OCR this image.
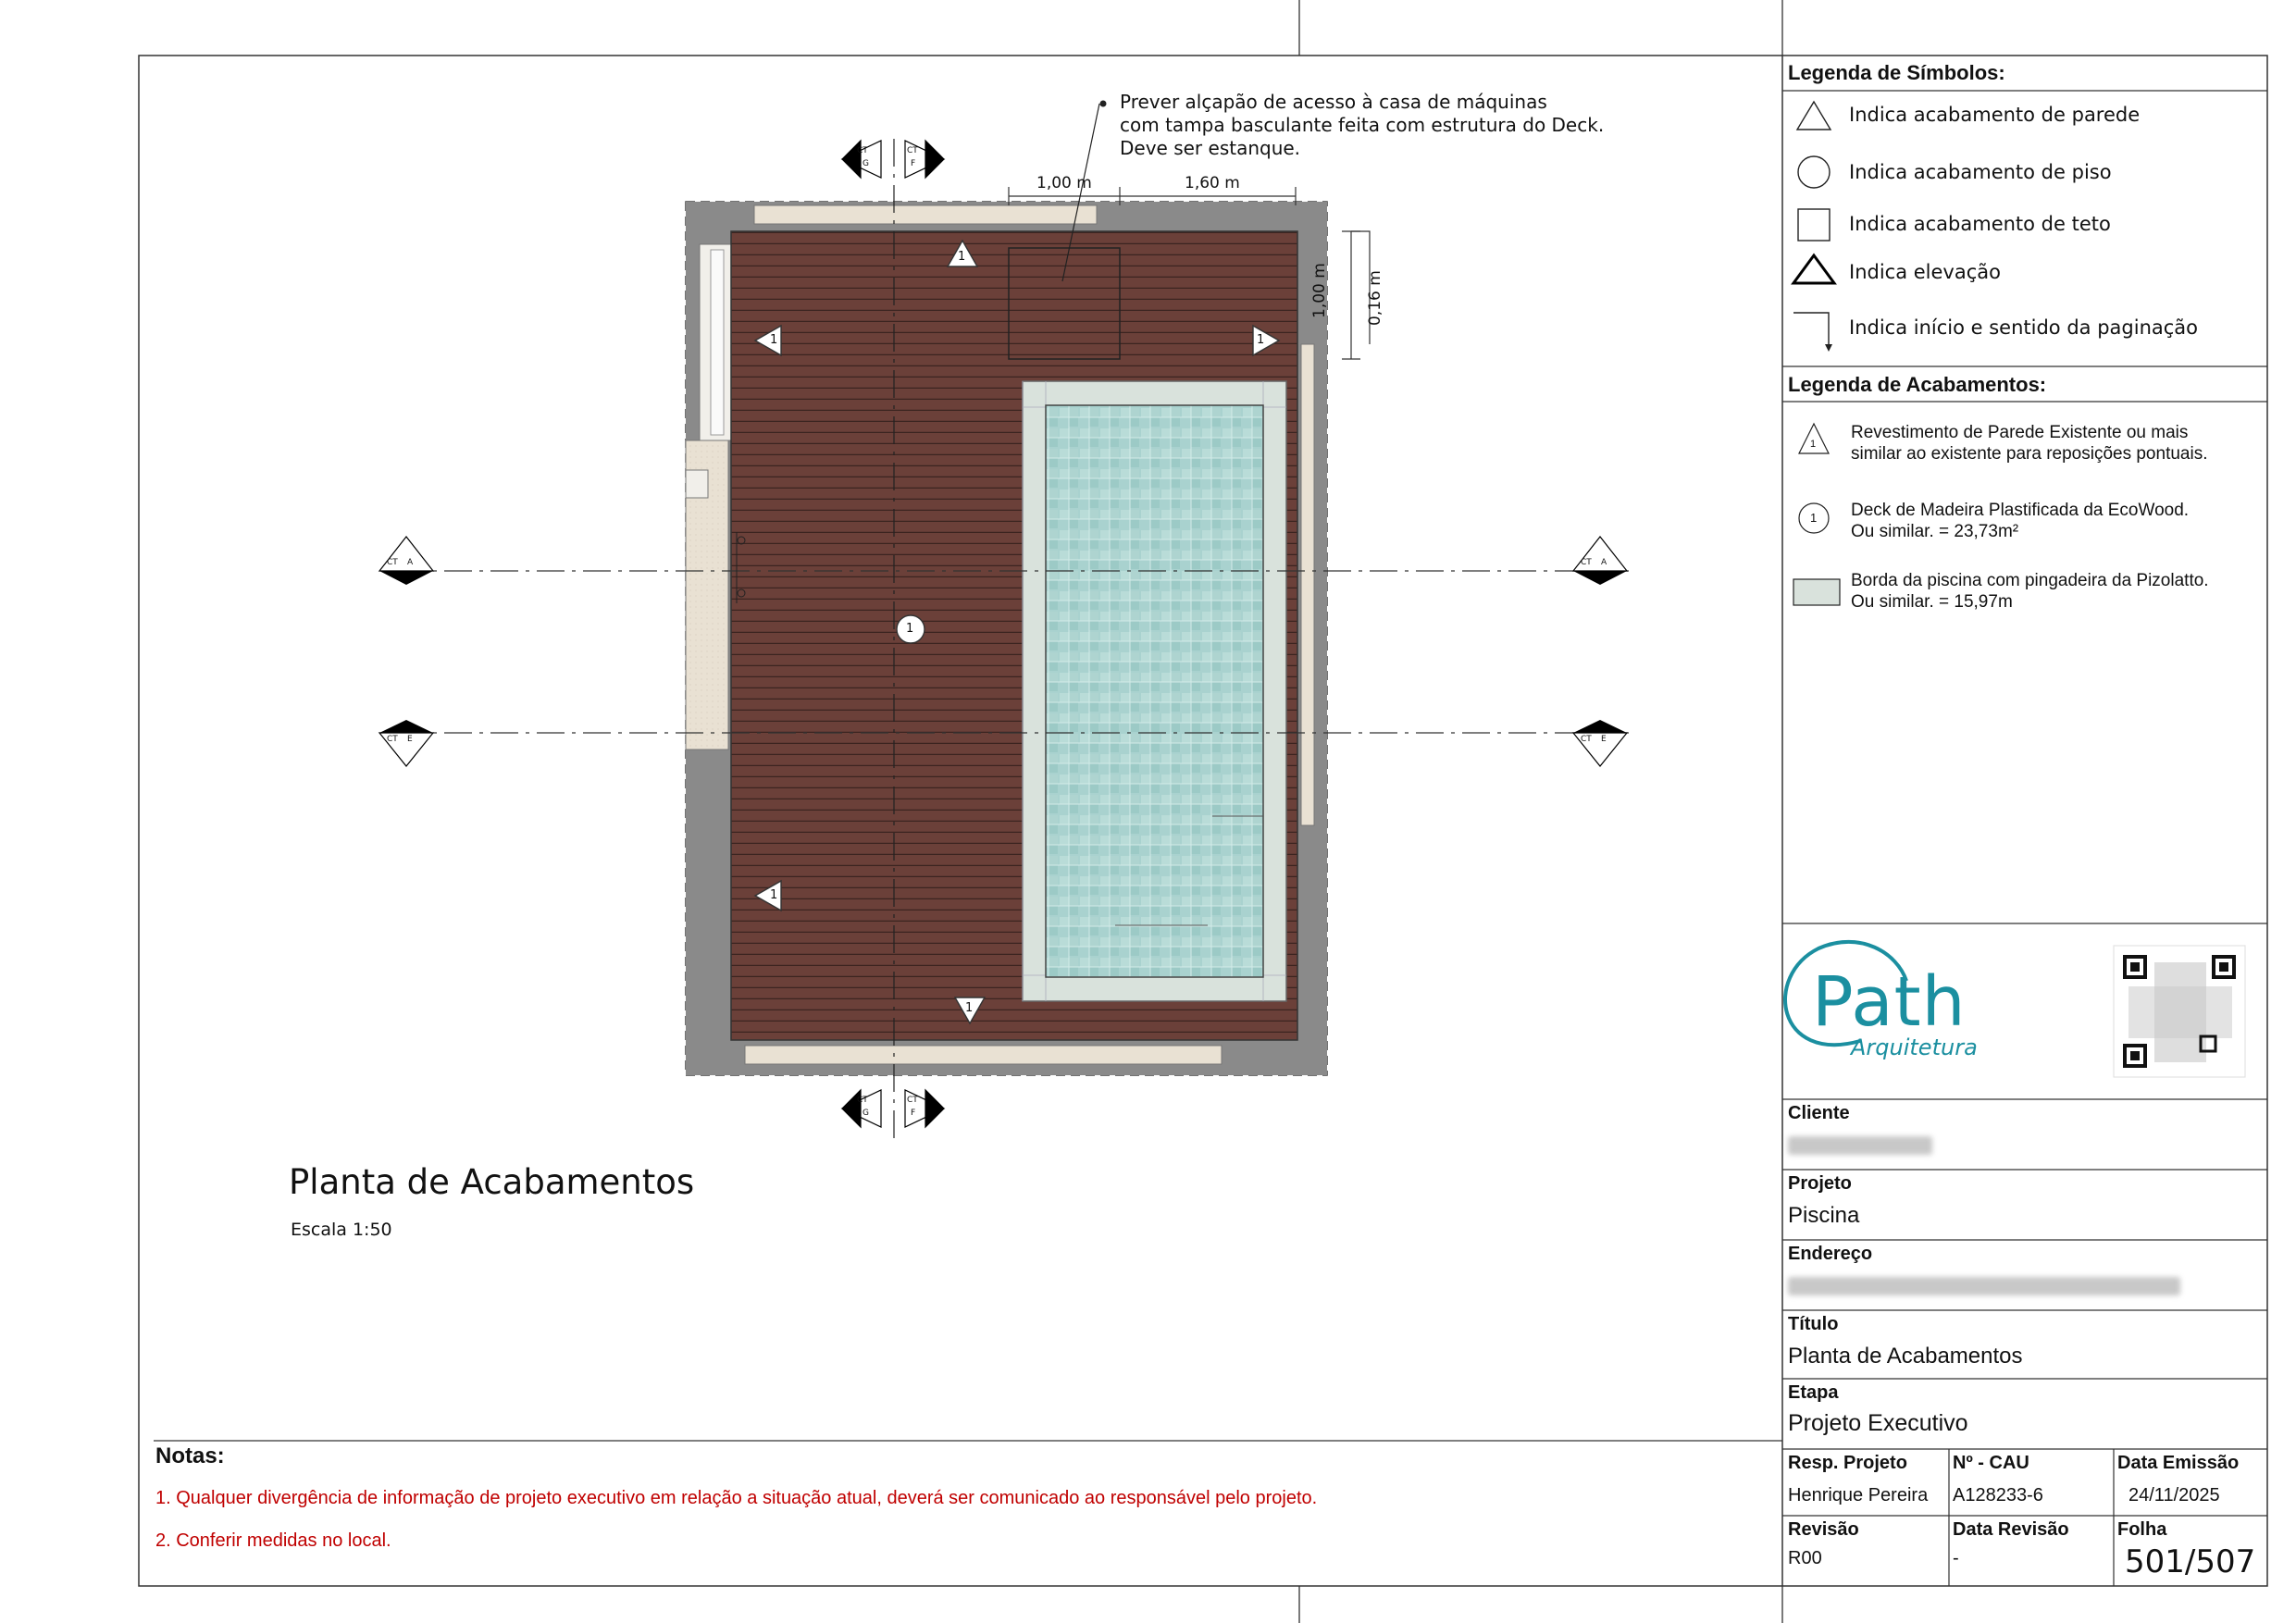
Prever alçapão de acesso à casa de máquinas
com tampa basculante feita com estrutura do Deck.
Deve ser estanque.
1,00 m	1,60 m
1,00 m 0,16 m
1
1	1
1
1
1
CT
G
CT
F
CT
G
CT
F
CT A	CT A
CT E	CT E
Planta de Acabamentos
Escala 1:50
Legenda de Símbolos:
Indica acabamento de parede
Indica acabamento de piso
Indica acabamento de teto
Indica elevação
Indica início e sentido da paginação
Legenda de Acabamentos:
1
1
Revestimento de Parede Existente ou mais
similar ao existente para reposições pontuais.
Deck de Madeira Plastificada da EcoWood.
Ou similar. = 23,73m²
Borda da piscina com pingadeira da Pizolatto.
Ou similar. = 15,97m
Path
Arquitetura
Cliente
Projeto
Piscina
Endereço
Título
Planta de Acabamentos
Etapa
Projeto Executivo
Resp. Projeto
Henrique Pereira
Nº - CAU
A128233-6
Data Emissão
24/11/2025
Revisão
R00
Data Revisão
-
Folha
501/507
Notas:
1. Qualquer divergência de informação de projeto executivo em relação a situação atual, deverá ser comunicado ao responsável pelo projeto.
2. Conferir medidas no local.
